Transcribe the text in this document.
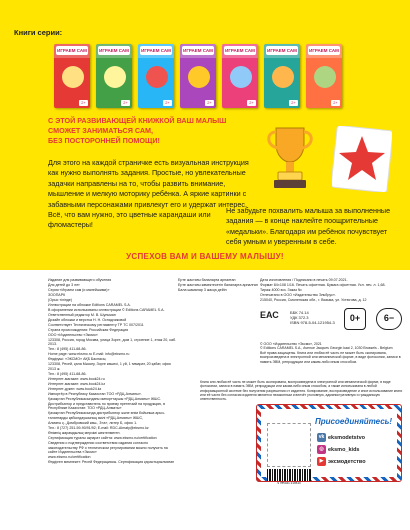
Книги серии:
ИГРАЕМ САМ
2+
ИГРАЕМ САМ
2+
ИГРАЕМ САМ
2+
ИГРАЕМ САМ
2+
ИГРАЕМ САМ
2+
ИГРАЕМ САМ
2+
ИГРАЕМ САМ
2+
С ЭТОЙ РАЗВИВАЮЩЕЙ КНИЖКОЙ ВАШ МАЛЫШ
СМОЖЕТ ЗАНИМАТЬСЯ САМ,
БЕЗ ПОСТОРОННЕЙ ПОМОЩИ!
Для этого на каждой страничке есть визуальная инструкция как нужно выполнять задания. Простые, но увлекательные задачки направлены на то, чтобы развить внимание, мышление и мелкую моторику ребёнка. А яркие картинки с забавными персонажами привлекут его и удержат интерес. Всё, что вам нужно, это цветные карандаши или фломастеры!
Не забудьте похвалить малыша за выполненные задания — в конце наклейте поощрительные «медальки». Благодаря им ребёнок почувствует себя умным и уверенным в себе.
УСПЕХОВ ВАМ И ВАШЕМУ МАЛЫШУ!

Издание для развивающего обучения

Для детей до 3 лет

Серия «Играем сам (и малейшими)»

ЗООПАРК

(Орыс тілінде)

Иллюстрации на обложке Editions CARAMEL S.A.

В оформлении использованы иллюстрации © Editions CARAMEL S.A.

Ответственный редактор М. В. Шульман

Дизайн обложки и верстка Н. Н. Оспадчиковой

Соответствует Техническому регламенту ТР ТС 007/2011

Страна происхождения: Российская Федерация

ООО «Издательство «Эксмо»

123308, Россия, город Москва, улица Зорге, дом 1, строение 1, этаж 20, каб. 2013.

Тел.: 8 (495) 411-68-86.

Home page: www.eksmo.ru E-mail: info@eksmo.ru

Өндіруші: «ЭКСМО» АҚБ Баспасы,

123308, Ресей, қала Мәскеу, Зорге көшесі, 1 үй, 1 ғимарат, 20 қабат, офис 2013 ж.

Тел.: 8 (495) 411-68-86.

Интернет-магазин: www.book24.ru

Интернет-магазин: www.book24.kz

Интернет-дүкен: www.book24.kz

Импортёр в Республику Казахстан ТОО «РДЦ-Алматы».

Қазақстан Республикасындағы импорттаушы «РДЦ-Алматы» ЖШС.

Дистрибьютор и представитель по приему претензий на продукцию, в Республике Казахстан: ТОО «РДЦ-Алматы»

Қазақстан Республикасында дистрибьютор және өнім бойынша арыз-талаптарды қабылдаушының өкілі «РДЦ-Алматы» ЖШС,

Алматы қ., Домбровский көш., 3«а», литер Б, офис 1.

Тел.: 8 (727) 251-59-90/91/92; E-mail: RDC-Almaty@eksmo.kz

Өнімнің жарамдылық мерзімі шектелмеген.

Сертификация туралы ақпарат сайтта: www.eksmo.ru/certification

Сведения о подтверждении соответствия издания согласно законодательству РФ о техническом регулировании можно получить на сайте Издательства «Эксмо»

www.eksmo.ru/certification

Өндірген мемлекет: Ресей Федерациясы. Сертификация қарастырылмаған

Ерте жастағы балаларға арналған

Ерте жастағы көмектесетін балаларға арналған

Бала шамалар 3 жасқа дейін

Дата изготовления / Подписано в печать 09.07.2021.

Формат 84×108 1/16. Печать офсетная. Бумага офсетная. Усл. печ. л. 1,68.

Тираж 4000 экз. Заказ №

Отпечатано в ООО «Издательство Эльбрус».

215040, Россия, Смоленская обл., г. Вязьма, ул. Устюгова, д. 12

ЕАС	ББК 74.14
УДК 372.3
ISBN 978-5-04-121954-3	0+	6−

© ООО «Издательство «Эксмо», 2021

© Editions CARAMEL S.A., Avenue Jacques Georgin kaai 2, 1030 Brussels - Belgium

Всё права защищены. Книга или любая её часть не может быть скопирована, воспроизведена в электронной или механической форме, в виде фотокопии, записи в память ЭВМ, репродукции или каким-либо иным способом.

Книга или любая её часть не может быть скопирована, воспроизведена в электронной или механической форме, в виде фотокопии, записи в память ЭВМ, репродукции или каким-либо иным способом, а также использована в любой информационной системе без получения разрешения от издателя. Копирование, воспроизведение и иное использование книги или её части без согласия издателя является незаконным и влечёт уголовную, административную и гражданскую ответственность.
Присоединяйтесь!
vk eksmodetstvo
◎ eksmo_kids
▶ эксмодетство
9 785041 219543
